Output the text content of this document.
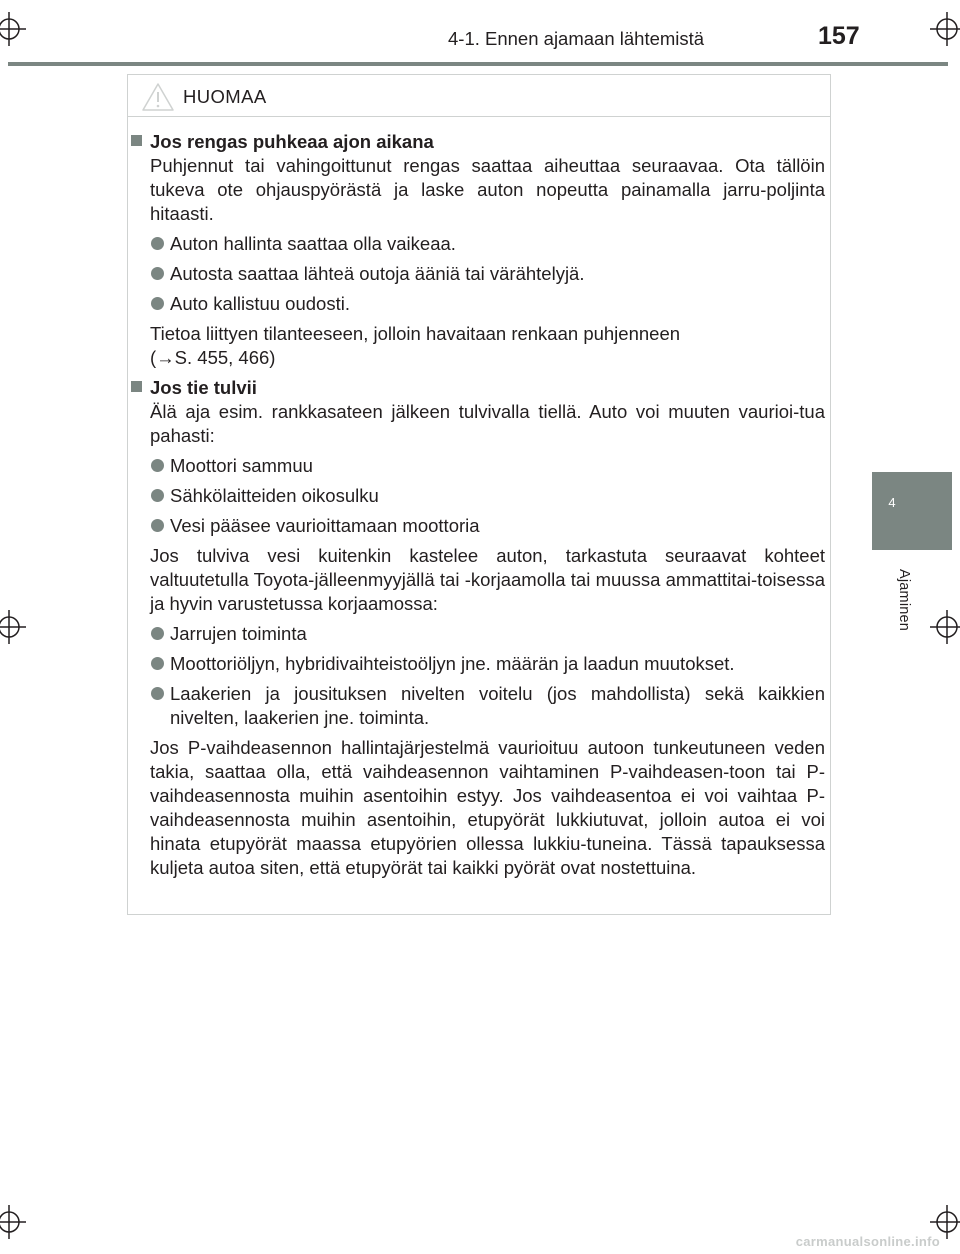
4-1. Ennen ajamaan lähtemistä	157
4
Ajaminen
HUOMAA

Jos rengas puhkeaa ajon aikana

Puhjennut tai vahingoittunut rengas saattaa aiheuttaa seuraavaa. Ota tällöin tukeva ote ohjauspyörästä ja laske auton nopeutta painamalla jarru-poljinta hitaasti.

Auton hallinta saattaa olla vaikeaa.

Autosta saattaa lähteä outoja ääniä tai värähtelyjä.

Auto kallistuu oudosti.

Tietoa liittyen tilanteeseen, jolloin havaitaan renkaan puhjenneen
(→S. 455, 466)

Jos tie tulvii

Älä aja esim. rankkasateen jälkeen tulvivalla tiellä. Auto voi muuten vaurioi-tua pahasti:

Moottori sammuu

Sähkölaitteiden oikosulku

Vesi pääsee vaurioittamaan moottoria

Jos tulviva vesi kuitenkin kastelee auton, tarkastuta seuraavat kohteet valtuutetulla Toyota-jälleenmyyjällä tai -korjaamolla tai muussa ammattitai-toisessa ja hyvin varustetussa korjaamossa:

Jarrujen toiminta

Moottoriöljyn, hybridivaihteistoöljyn jne. määrän ja laadun muutokset.

Laakerien ja jousituksen nivelten voitelu (jos mahdollista) sekä kaikkien nivelten, laakerien jne. toiminta.

Jos P-vaihdeasennon hallintajärjestelmä vaurioituu autoon tunkeutuneen veden takia, saattaa olla, että vaihdeasennon vaihtaminen P-vaihdeasen-toon tai P-vaihdeasennosta muihin asentoihin estyy. Jos vaihdeasentoa ei voi vaihtaa P-vaihdeasennosta muihin asentoihin, etupyörät lukkiutuvat, jolloin autoa ei voi hinata etupyörät maassa etupyörien ollessa lukkiu-tuneina. Tässä tapauksessa kuljeta autoa siten, että etupyörät tai kaikki pyörät ovat nostettuina.

carmanualsonline.info
